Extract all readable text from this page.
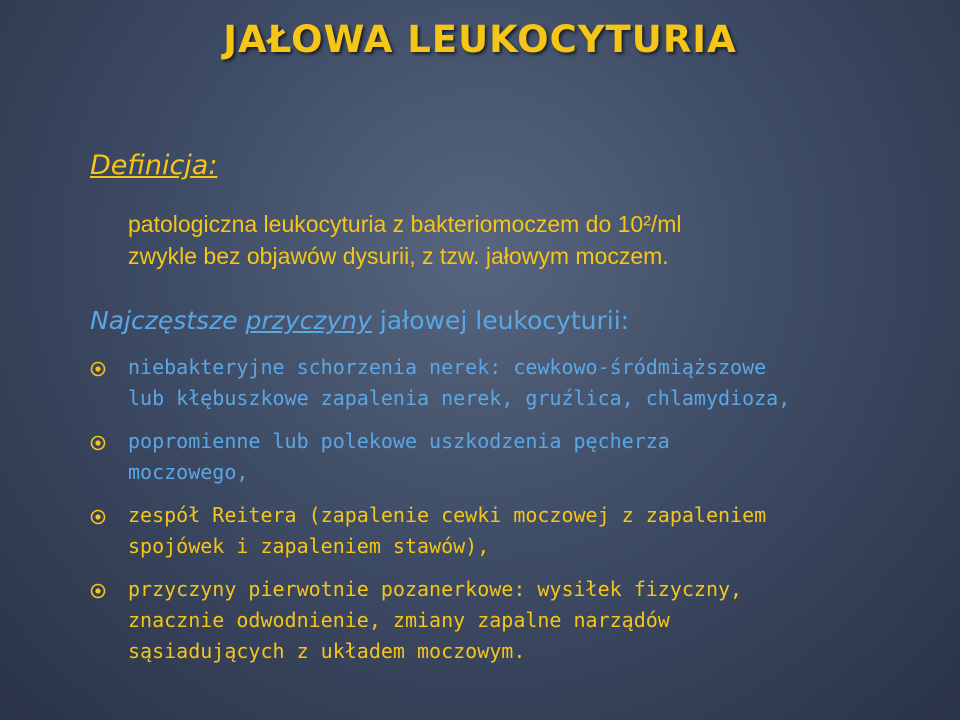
JAŁOWA LEUKOCYTURIA
Definicja:
patologiczna leukocyturia z bakteriomoczem do 10²/ml
zwykle bez objawów dysurii, z tzw. jałowym moczem.
Najczęstsze przyczyny jałowej leukocyturii:
niebakteryjne schorzenia nerek: cewkowo-śródmiąższowe
lub kłębuszkowe zapalenia nerek, gruźlica, chlamydioza,
popromienne lub polekowe uszkodzenia pęcherza
moczowego,
zespół Reitera (zapalenie cewki moczowej z zapaleniem
spojówek i zapaleniem stawów),
przyczyny pierwotnie pozanerkowe: wysiłek fizyczny,
znacznie odwodnienie, zmiany zapalne narządów
sąsiadujących z układem moczowym.
